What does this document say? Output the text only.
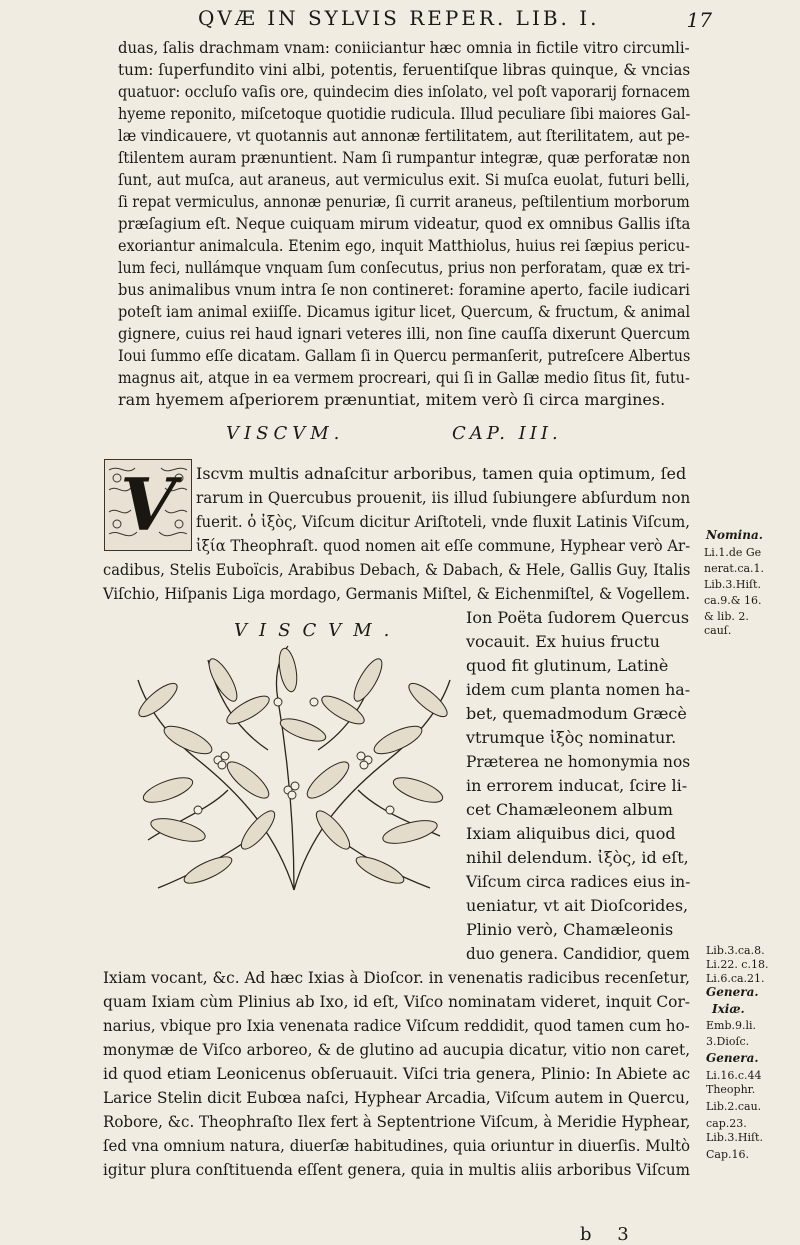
QVÆ IN SYLVIS REPER. LIB. I.	17
duas, ſalis drachmam vnam: coniiciantur hæc omnia in fictile vitro circumli-
tum: ſuperfundito vini albi, potentis, feruentiſque libras quinque, & vncias
quatuor: occluſo vaſis ore, quindecim dies inſolato, vel poſt vaporarij fornacem
hyeme reponito, miſcetoque quotidie rudicula. Illud peculiare ſibi maiores Gal-
læ vindicauere, vt quotannis aut annonæ fertilitatem, aut ſterilitatem, aut pe-
ſtilentem auram prænuntient. Nam ſi rumpantur integræ, quæ perforatæ non
ſunt, aut muſca, aut araneus, aut vermiculus exit. Si muſca euolat, futuri belli,
ſi repat vermiculus, annonæ penuriæ, ſi currit araneus, peſtilentium morborum
præſagium eſt. Neque cuiquam mirum videatur, quod ex omnibus Gallis iſta
exoriantur animalcula. Etenim ego, inquit Matthiolus, huius rei ſæpius pericu-
lum feci, nullámque vnquam ſum conſecutus, prius non perforatam, quæ ex tri-
bus animalibus vnum intra ſe non contineret: foramine aperto, facile iudicari
poteſt iam animal exiiſſe. Dicamus igitur licet, Quercum, & fructum, & animal
gignere, cuius rei haud ignari veteres illi, non ſine cauſſa dixerunt Quercum
Ioui ſummo eſſe dicatam. Gallam ſi in Quercu permanſerit, putreſcere Albertus
magnus ait, atque in ea vermem procreari, qui ſi in Gallæ medio ſitus ſit, futu-
ram hyemem aſperiorem prænuntiat, mitem verò ſi circa margines.
VISCVM.	CAP. III.
V	Iscvm multis adnaſcitur arboribus, tamen quia optimum, ſed
rarum in Quercubus prouenit, iis illud ſubiungere abſurdum non
fuerit. ὁ ἰξὸς, Viſcum dicitur Ariſtoteli, vnde fluxit Latinis Viſcum,
ἰξία Theophraſt. quod nomen ait eſſe commune, Hyphear verò Ar-
cadibus, Stelis Euboïcis, Arabibus Debach, & Dabach, & Hele, Gallis Guy, Italis
Viſchio, Hiſpanis Liga mordago, Germanis Miſtel, & Eichenmiſtel, & Vogellem.
Ion Poëta ſudorem Quercus
vocauit. Ex huius fructu
quod fit glutinum, Latinè
idem cum planta nomen ha-
bet, quemadmodum Græcè
vtrumque ἰξὸς nominatur.
Præterea ne homonymia nos
in errorem inducat, ſcire li-
cet Chamæleonem album
Ixiam aliquibus dici, quod
nihil delendum. ἰξὸς, id eſt,
Viſcum circa radices eius in-
ueniatur, vt ait Dioſcorides,
Plinio verò, Chamæleonis
duo genera. Candidior, quem
Ixiam vocant, &c. Ad hæc Ixias à Dioſcor. in venenatis radicibus recenſetur,
quam Ixiam cùm Plinius ab Ixo, id eſt, Viſco nominatam videret, inquit Cor-
narius, vbique pro Ixia venenata radice Viſcum reddidit, quod tamen cum ho-
monymæ de Viſco arboreo, & de glutino ad aucupia dicatur, vitio non caret,
id quod etiam Leonicenus obſeruauit. Viſci tria genera, Plinio: In Abiete ac
Larice Stelin dicit Eubœa naſci, Hyphear Arcadia, Viſcum autem in Quercu,
Robore, &c. Theophraſto Ilex fert à Septentrione Viſcum, à Meridie Hyphear,
ſed vna omnium natura, diuerſæ habitudines, quia oriuntur in diuerſis. Multò
igitur plura conſtituenda eſſent genera, quia in multis aliis arboribus Viſcum
VISCVM.
Nomina.
Li.1.de Ge
nerat.ca.1.
Lib.3.Hiſt.
ca.9.& 16.
& lib. 2.
cauſ.
Lib.3.ca.8.
Li.22. c.18.
Li.6.ca.21.
Genera.
Ixiæ.
Emb.9.li.
3.Dioſc.
Genera.
Li.16.c.44
Theophr.
Lib.2.cau.
cap.23.
Lib.3.Hiſt.
Cap.16.
b 3
